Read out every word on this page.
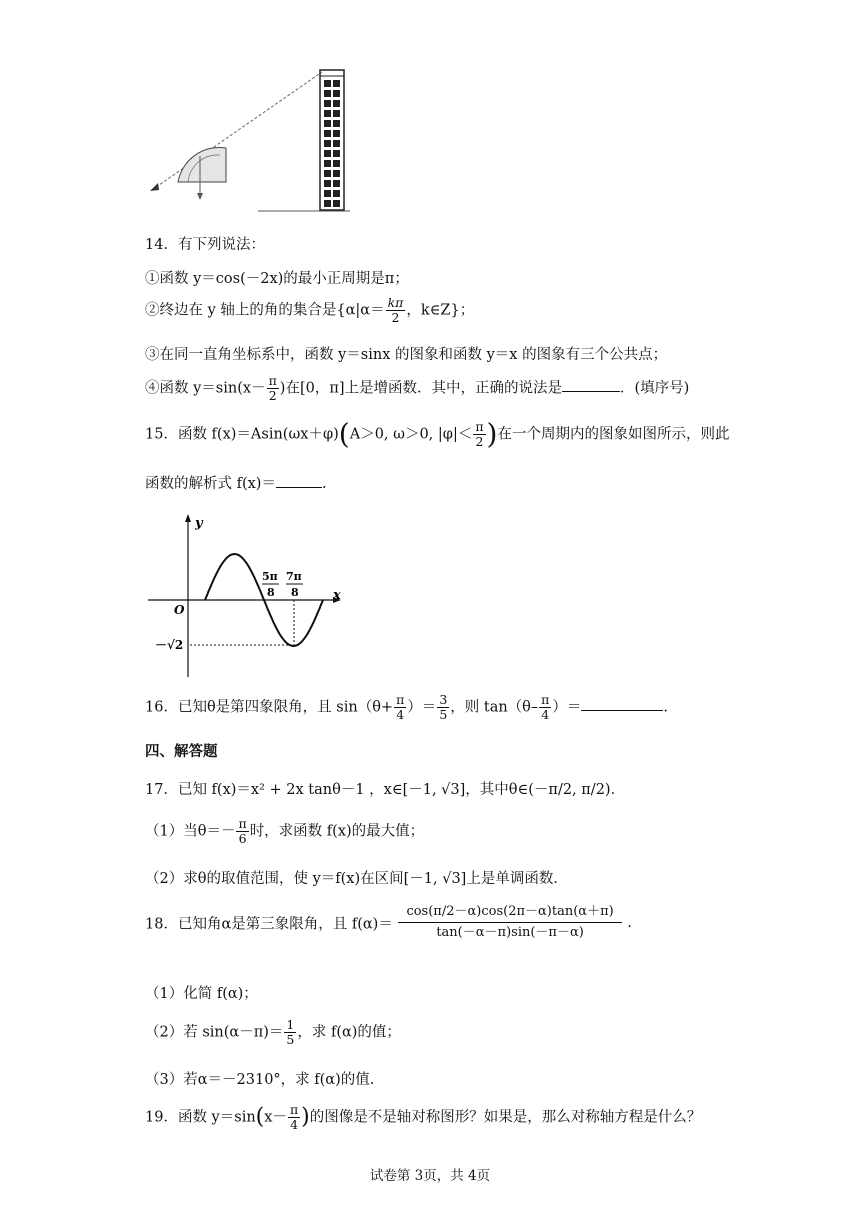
14．有下列说法：
①函数 y＝cos(－2x)的最小正周期是π；
②终边在 y 轴上的角的集合是{$\alpha|\alpha= \frac{k\pi}{2}$ ，k∈Z}；
③在同一直角坐标系中，函数 y＝sinx 的图象和函数 y＝x 的图象有三个公共点；
④函数 $y=\sin(x- \frac{\pi}{2}$ )在[0，π]上是增函数．其中，正确的说法是	．(填序号)
15．函数 f(x)＝Asin(ωx＋φ)(A＞0, ω＞0, $|\varphi|< \frac{\pi}{2}$ )在一个周期内的图象如图所示，则此
函数的解析式 f(x)＝	.
y
x
O
5π
8
7π
8
－√2
16．已知θ是第四象限角，且 $\sin(\theta+ \frac{\pi}{4}$ ）＝ $\frac{3}{5}$ ，则 $\tan(\theta- \frac{\pi}{4}$ ）＝	.
四、解答题
17．已知 f(x)＝x² + 2x tanθ－1 ，x∈[－1, √3]，其中θ∈(－π/2, π/2)．
（1）当$\theta=- \frac{\pi}{6}$ 时，求函数 f(x)的最大值；
（2）求θ的取值范围，使 y＝f(x)在区间[－1, √3]上是单调函数．
18．已知角α是第三象限角，且 $f(\alpha)= \frac{\cos(\pi/2-\alpha)\cos(2\pi-\alpha)\tan(\alpha+\pi)}{\tan(-\alpha-\pi)\sin(-\pi-\alpha)}$ .
（1）化简 f(α)；
（2）若 $\sin(\alpha-\pi)= \frac{1}{5}$ ，求 f(α)的值；
（3）若α＝－2310°，求 f(α)的值.
19．函数 $y=\sin(x- \frac{\pi}{4}$ )的图像是不是轴对称图形？如果是，那么对称轴方程是什么？
试卷第 3页，共 4页
